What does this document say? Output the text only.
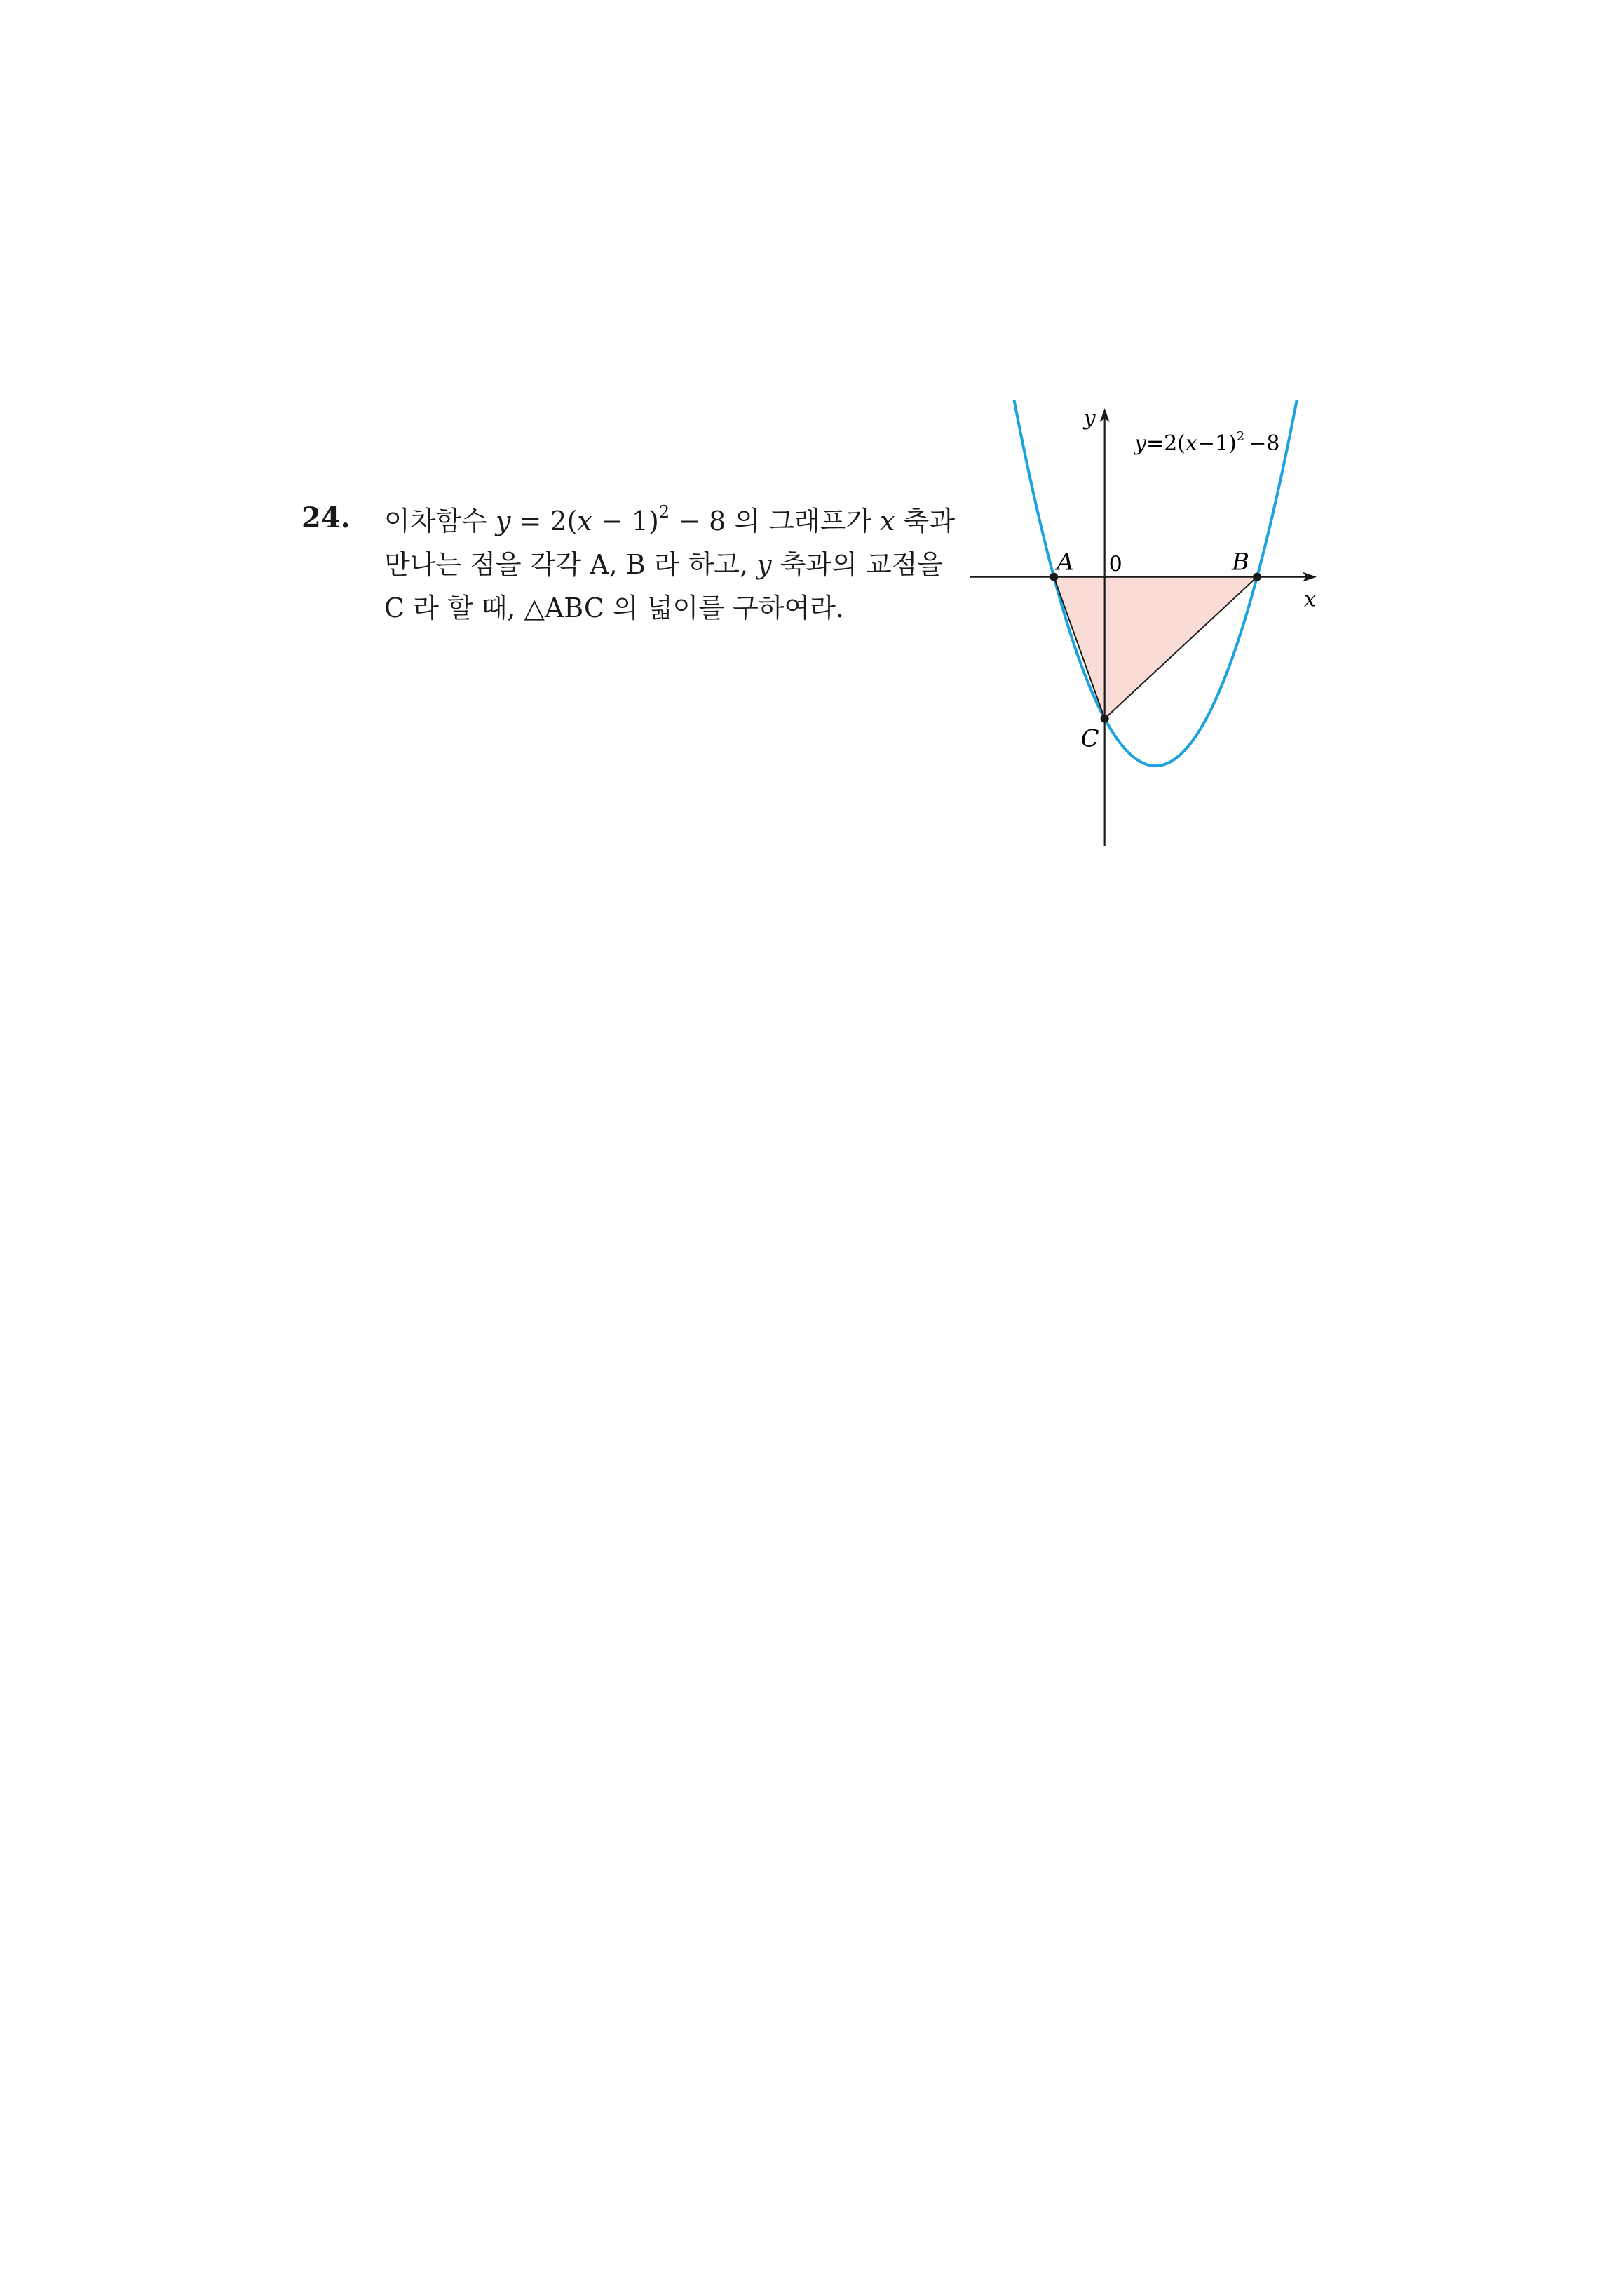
24. 이차함수 $y = 2(x - 1)^2 - 8$ 의 그래프가 x 축과
만나는 점을 각각 A, B 라 하고, y 축과의 교점을
C 라 할 때, △ABC 의 넓이를 구하여라.
y
x
0
A	B
C
$y=2(x-1)^2 -8$
